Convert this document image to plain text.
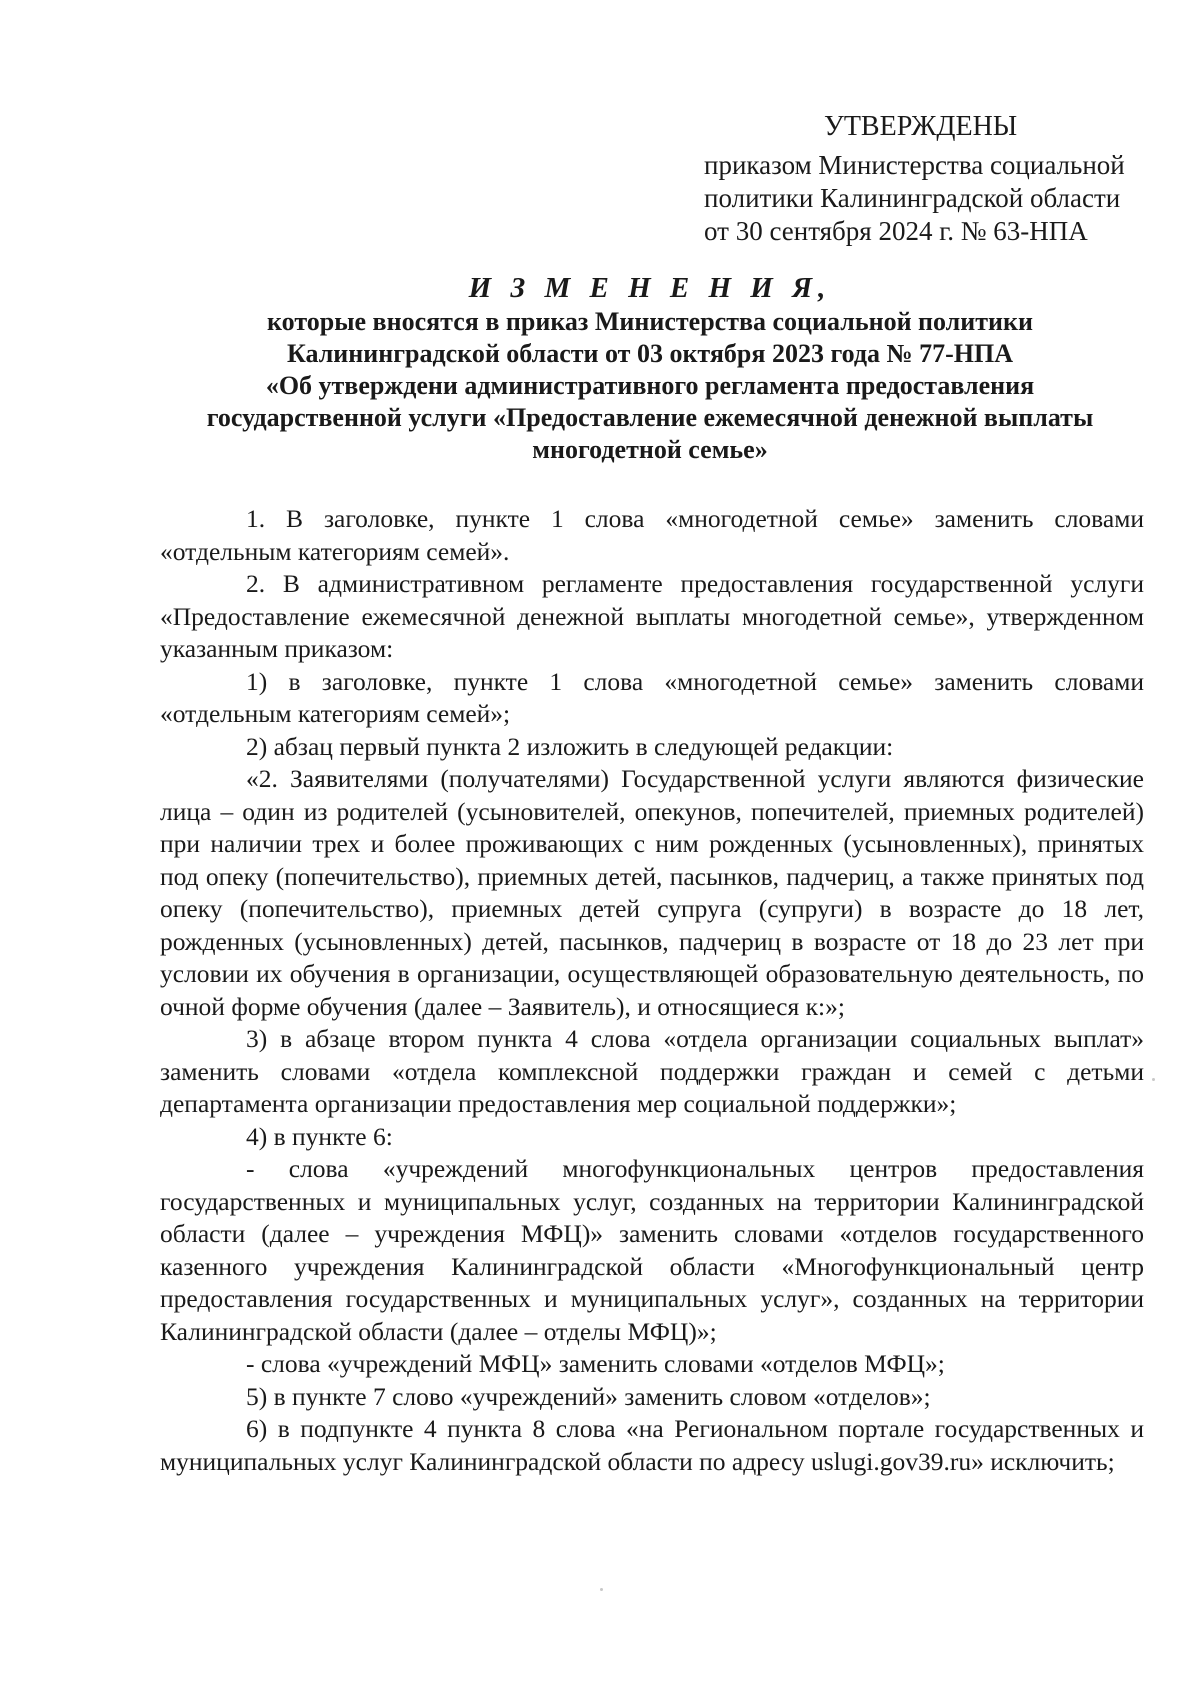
УТВЕРЖДЕНЫ
приказом Министерства социальной
политики Калининградской области
от 30 сентября 2024 г. № 63-НПА
И З М Е Н Е Н И Я,
которые вносятся в приказ Министерства социальной политики
Калининградской области от 03 октября 2023 года № 77-НПА
«Об утверждени административного регламента предоставления
государственной услуги «Предоставление ежемесячной денежной выплаты
многодетной семье»

1. В заголовке, пункте 1 слова «многодетной семье» заменить словами «отдельным категориям семей».

2. В административном регламенте предоставления государственной услуги «Предоставление ежемесячной денежной выплаты многодетной семье», утвержденном указанным приказом:

1) в заголовке, пункте 1 слова «многодетной семье» заменить словами «отдельным категориям семей»;

2) абзац первый пункта 2 изложить в следующей редакции:

«2. Заявителями (получателями) Государственной услуги являются физические лица – один из родителей (усыновителей, опекунов, попечителей, приемных родителей) при наличии трех и более проживающих с ним рожденных (усыновленных), принятых под опеку (попечительство), приемных детей, пасынков, падчериц, а также принятых под опеку (попечительство), приемных детей супруга (супруги) в возрасте до 18 лет, рожденных (усыновленных) детей, пасынков, падчериц в возрасте от 18 до 23 лет при условии их обучения в организации, осуществляющей образовательную деятельность, по очной форме обучения (далее – Заявитель), и относящиеся к:»;

3) в абзаце втором пункта 4 слова «отдела организации социальных выплат» заменить словами «отдела комплексной поддержки граждан и семей с детьми департамента организации предоставления мер социальной поддержки»;

4) в пункте 6:

- слова «учреждений многофункциональных центров предоставления государственных и муниципальных услуг, созданных на территории Калининградской области (далее – учреждения МФЦ)» заменить словами «отделов государственного казенного учреждения Калининградской области «Многофункциональный центр предоставления государственных и муниципальных услуг», созданных на территории Калининградской области (далее – отделы МФЦ)»;

- слова «учреждений МФЦ» заменить словами «отделов МФЦ»;

5) в пункте 7 слово «учреждений» заменить словом «отделов»;

6) в подпункте 4 пункта 8 слова «на Региональном портале государственных и муниципальных услуг Калининградской области по адресу uslugi.gov39.ru» исключить;
